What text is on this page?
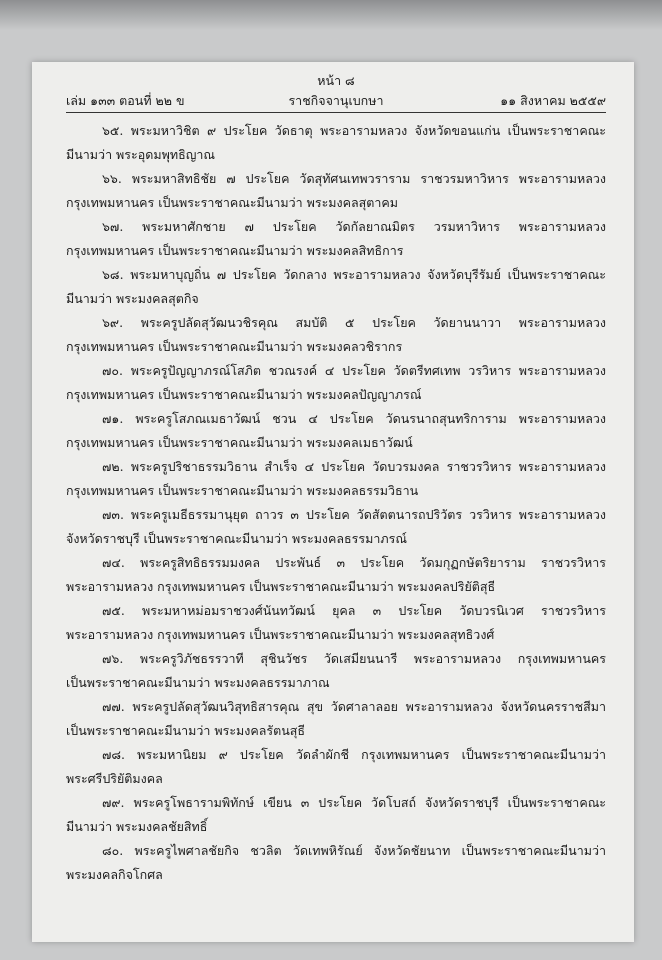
หน้า ๘

ราชกิจจานุเบกษา
เล่ม ๑๓๓ ตอนที่ ๒๒ ข	๑๑ สิงหาคม ๒๕๕๙
๖๕. พระมหาวิชิต ๙ ประโยค วัดธาตุ พระอารามหลวง จังหวัดขอนแก่น เป็นพระราชาคณะ
มีนามว่า พระอุดมพุทธิญาณ
๖๖. พระมหาสิทธิชัย ๗ ประโยค วัดสุทัศนเทพวราราม ราชวรมหาวิหาร พระอารามหลวง
กรุงเทพมหานคร เป็นพระราชาคณะมีนามว่า พระมงคลสุตาคม
๖๗. พระมหาศักชาย ๗ ประโยค วัดกัลยาณมิตร วรมหาวิหาร พระอารามหลวง
กรุงเทพมหานคร เป็นพระราชาคณะมีนามว่า พระมงคลสิทธิการ
๖๘. พระมหาบุญถิ่น ๗ ประโยค วัดกลาง พระอารามหลวง จังหวัดบุรีรัมย์ เป็นพระราชาคณะ
มีนามว่า พระมงคลสุตกิจ
๖๙. พระครูปลัดสุวัฒนวชิรคุณ สมบัติ ๕ ประโยค วัดยานนาวา พระอารามหลวง
กรุงเทพมหานคร เป็นพระราชาคณะมีนามว่า พระมงคลวชิรากร
๗๐. พระครูปัญญาภรณ์โสภิต ชวณรงค์ ๔ ประโยค วัดตรีทศเทพ วรวิหาร พระอารามหลวง
กรุงเทพมหานคร เป็นพระราชาคณะมีนามว่า พระมงคลปัญญาภรณ์
๗๑. พระครูโสภณเมธาวัฒน์ ชวน ๔ ประโยค วัดนรนาถสุนทริการาม พระอารามหลวง
กรุงเทพมหานคร เป็นพระราชาคณะมีนามว่า พระมงคลเมธาวัฒน์
๗๒. พระครูปริชาธรรมวิธาน สำเร็จ ๔ ประโยค วัดบวรมงคล ราชวรวิหาร พระอารามหลวง
กรุงเทพมหานคร เป็นพระราชาคณะมีนามว่า พระมงคลธรรมวิธาน
๗๓. พระครูเมธีธรรมานุยุต ถาวร ๓ ประโยค วัดสัตตนารถปริวัตร วรวิหาร พระอารามหลวง
จังหวัดราชบุรี เป็นพระราชาคณะมีนามว่า พระมงคลธรรมาภรณ์
๗๔. พระครูสิทธิธรรมมงคล ประพันธ์ ๓ ประโยค วัดมกุฏกษัตริยาราม ราชวรวิหาร
พระอารามหลวง กรุงเทพมหานคร เป็นพระราชาคณะมีนามว่า พระมงคลปริยัติสุธี
๗๕. พระมหาหม่อมราชวงศ์นันทวัฒน์ ยุคล ๓ ประโยค วัดบวรนิเวศ ราชวรวิหาร
พระอารามหลวง กรุงเทพมหานคร เป็นพระราชาคณะมีนามว่า พระมงคลสุทธิวงศ์
๗๖. พระครูวิภัชธรรวาที สุชินวัชร วัดเสมียนนารี พระอารามหลวง กรุงเทพมหานคร
เป็นพระราชาคณะมีนามว่า พระมงคลธรรมาภาณ
๗๗. พระครูปลัดสุวัฒนวิสุทธิสารคุณ สุข วัดศาลาลอย พระอารามหลวง จังหวัดนครราชสีมา
เป็นพระราชาคณะมีนามว่า พระมงคลรัตนสุธี
๗๘. พระมหานิยม ๙ ประโยค วัดลำผักชี กรุงเทพมหานคร เป็นพระราชาคณะมีนามว่า
พระศรีปริยัติมงคล
๗๙. พระครูโพธารามพิทักษ์ เขียน ๓ ประโยค วัดโบสถ์ จังหวัดราชบุรี เป็นพระราชาคณะ
มีนามว่า พระมงคลชัยสิทธิ์
๘๐. พระครูไพศาลชัยกิจ ชวลิต วัดเทพหิรัณย์ จังหวัดชัยนาท เป็นพระราชาคณะมีนามว่า
พระมงคลกิจโกศล
